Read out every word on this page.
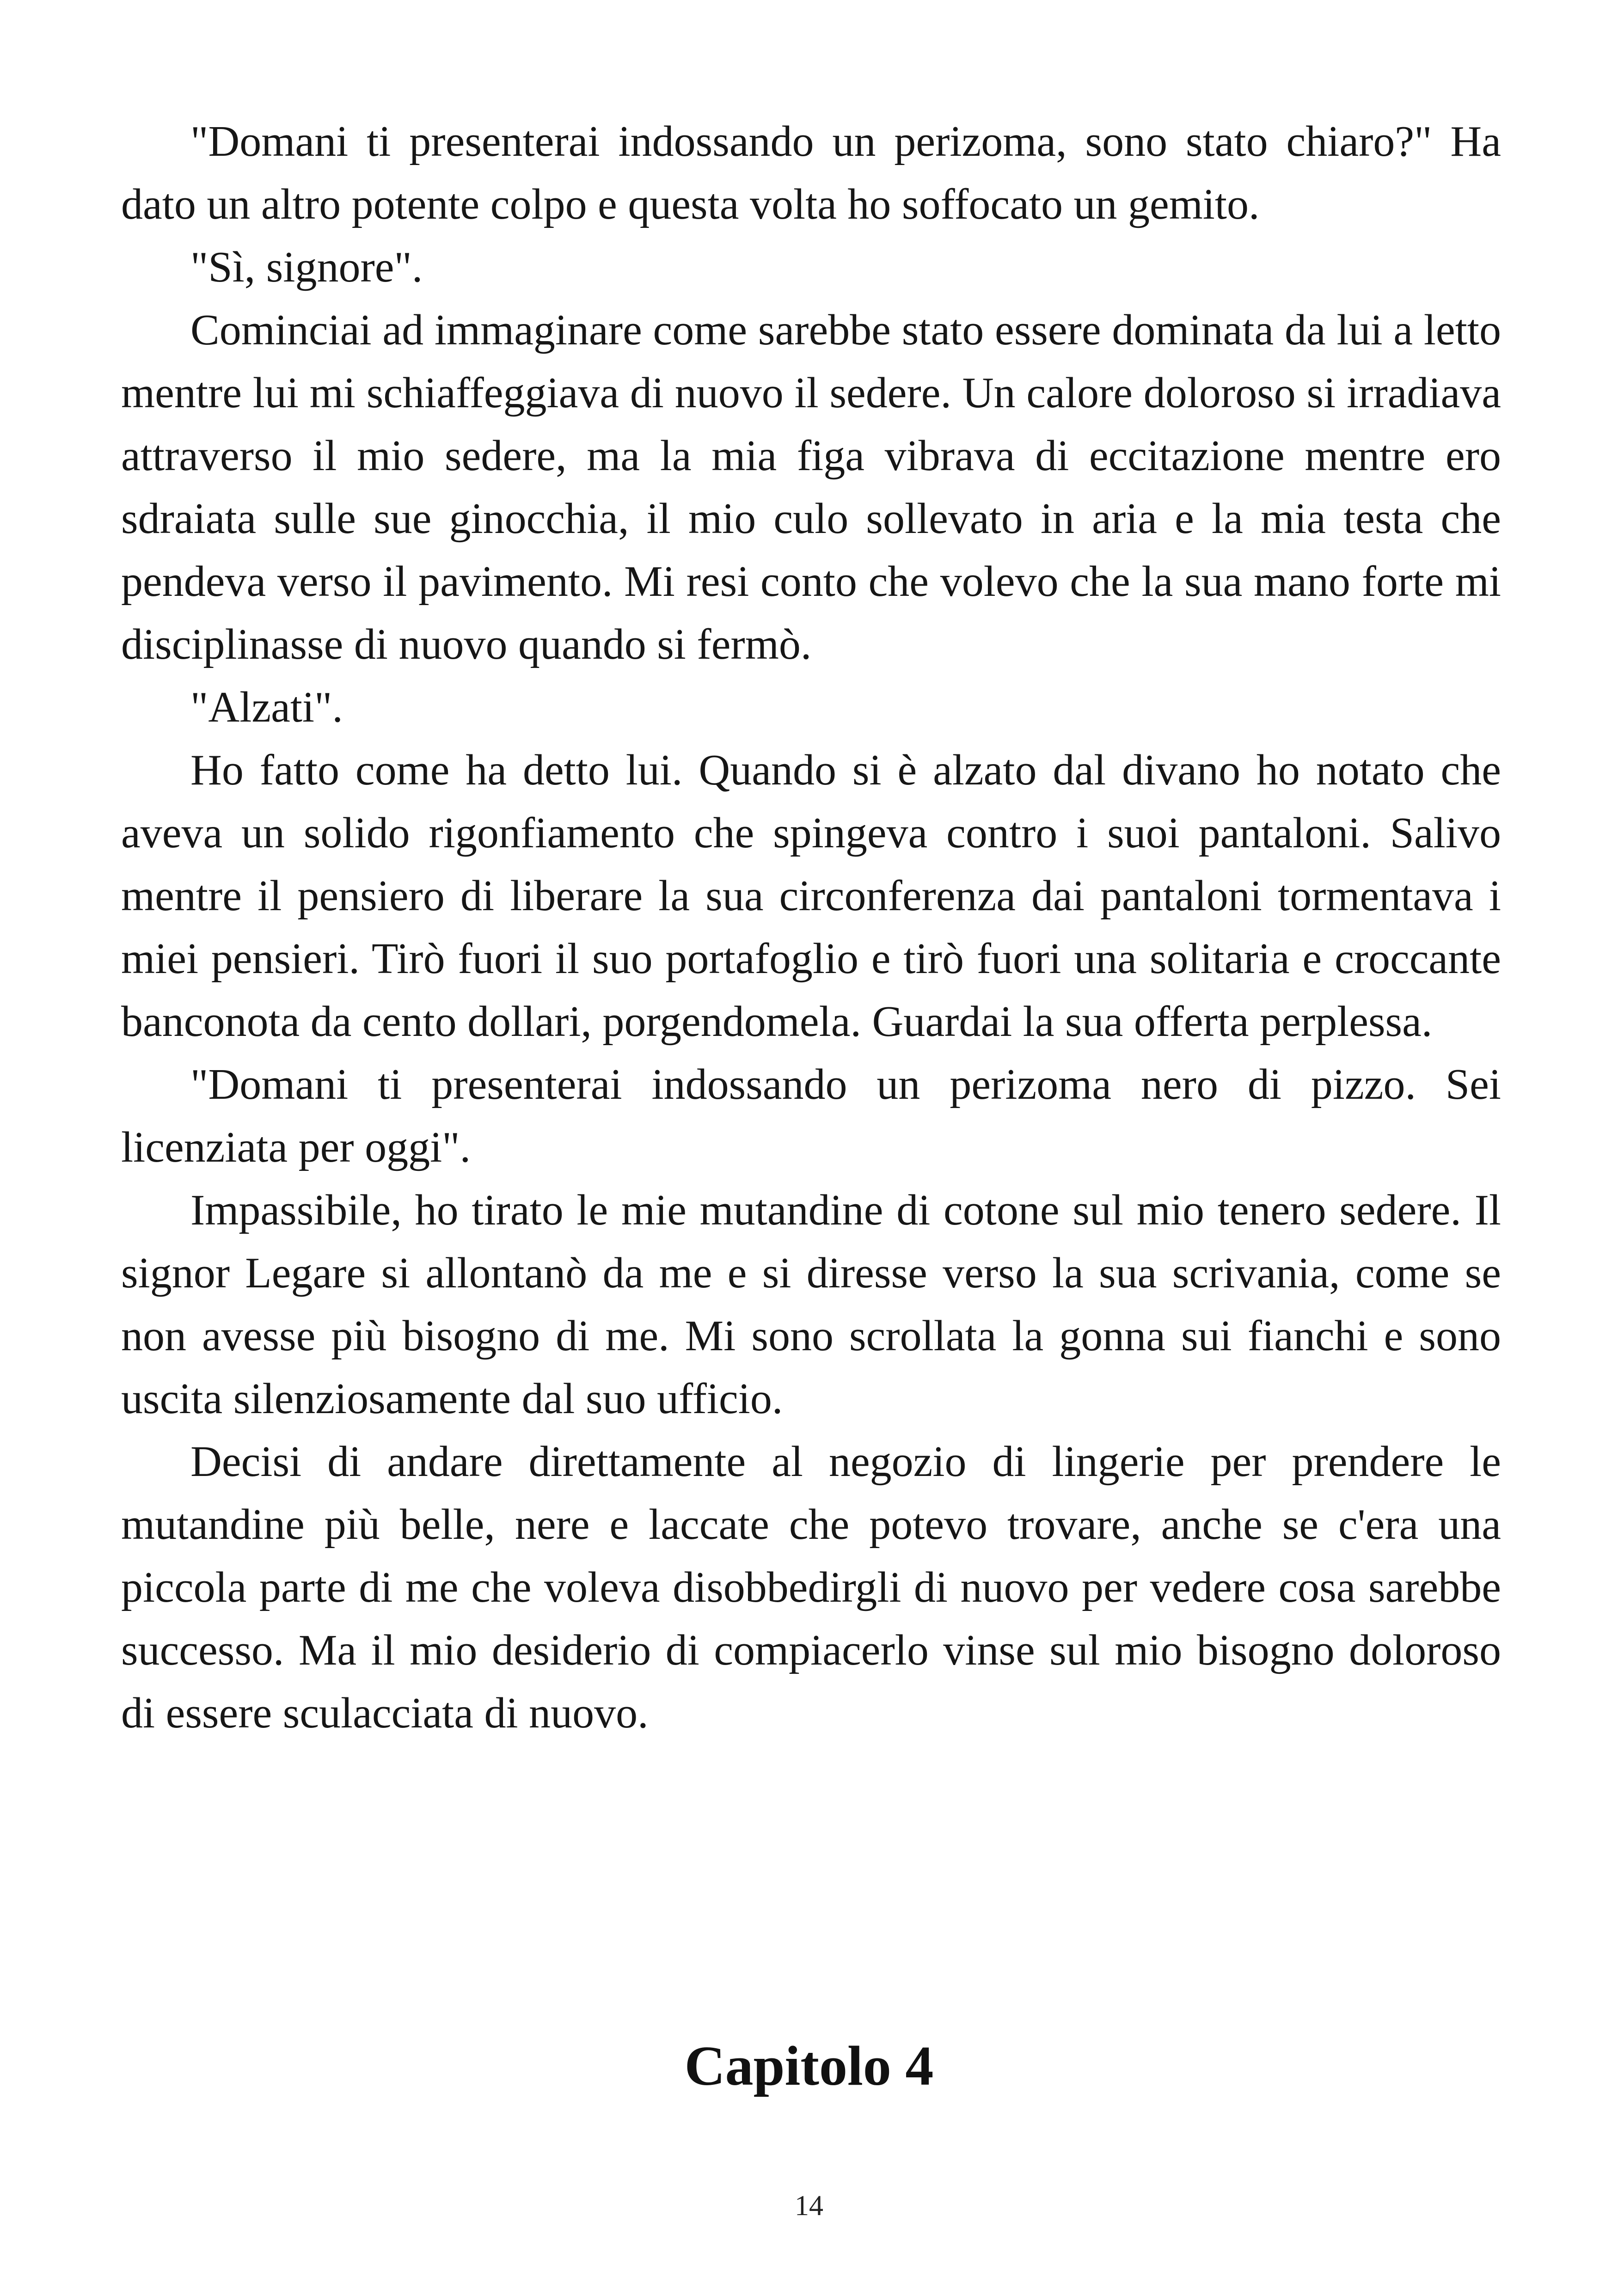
"Domani ti presenterai indossando un perizoma, sono stato chiaro?" Ha dato un altro potente colpo e questa volta ho soffocato un gemito.

"Sì, signore".

Cominciai ad immaginare come sarebbe stato essere dominata da lui a letto mentre lui mi schiaffeggiava di nuovo il sedere. Un calore doloroso si irradiava attraverso il mio sedere, ma la mia figa vibrava di eccitazione mentre ero sdraiata sulle sue ginocchia, il mio culo sollevato in aria e la mia testa che pendeva verso il pavimento. Mi resi conto che volevo che la sua mano forte mi disciplinasse di nuovo quando si fermò.

"Alzati".

Ho fatto come ha detto lui. Quando si è alzato dal divano ho notato che aveva un solido rigonfiamento che spingeva contro i suoi pantaloni. Salivo mentre il pensiero di liberare la sua circonferenza dai pantaloni tormentava i miei pensieri. Tirò fuori il suo portafoglio e tirò fuori una solitaria e croccante banconota da cento dollari, porgendomela. Guardai la sua offerta perplessa.

"Domani ti presenterai indossando un perizoma nero di pizzo. Sei licenziata per oggi".

Impassibile, ho tirato le mie mutandine di cotone sul mio tenero sedere. Il signor Legare si allontanò da me e si diresse verso la sua scrivania, come se non avesse più bisogno di me. Mi sono scrollata la gonna sui fianchi e sono uscita silenziosamente dal suo ufficio.

Decisi di andare direttamente al negozio di lingerie per prendere le mutandine più belle, nere e laccate che potevo trovare, anche se c'era una piccola parte di me che voleva disobbedirgli di nuovo per vedere cosa sarebbe successo. Ma il mio desiderio di compiacerlo vinse sul mio bisogno doloroso di essere sculacciata di nuovo.

Capitolo 4
14
